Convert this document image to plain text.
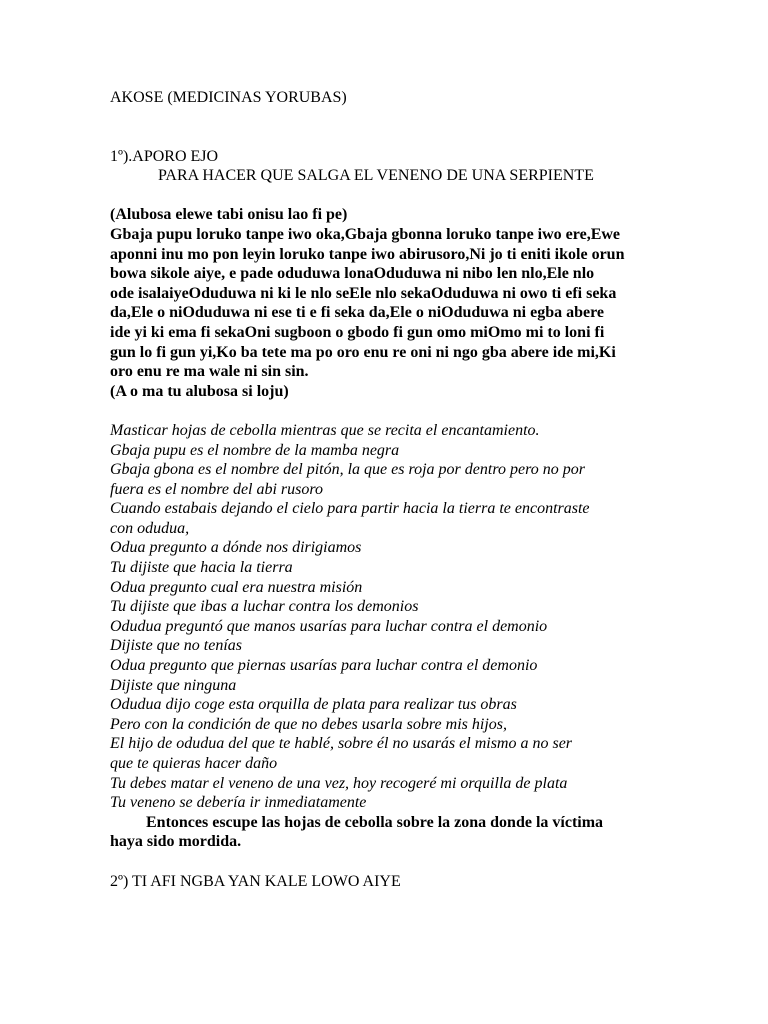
AKOSE (MEDICINAS YORUBAS)
1º).APORO EJO
PARA HACER QUE SALGA EL VENENO DE UNA SERPIENTE
(Alubosa elewe tabi onisu lao fi pe)
Gbaja pupu loruko tanpe iwo oka,Gbaja gbonna loruko tanpe iwo ere,Ewe
aponni inu mo pon leyin loruko tanpe iwo abirusoro,Ni jo ti eniti ikole orun
bowa sikole aiye, e pade oduduwa lonaOduduwa ni nibo len nlo,Ele nlo
ode isalaiyeOduduwa ni ki le nlo seEle nlo sekaOduduwa ni owo ti efi seka
da,Ele o niOduduwa ni ese ti e fi seka da,Ele o niOduduwa ni egba abere
ide yi ki ema fi sekaOni sugboon o gbodo fi gun omo miOmo mi to loni fi
gun lo fi gun yi,Ko ba tete ma po oro enu re oni ni ngo gba abere ide mi,Ki
oro enu re ma wale ni sin sin.
(A o ma tu alubosa si loju)
Masticar hojas de cebolla mientras que se recita el encantamiento.
Gbaja pupu es el nombre de la mamba negra
Gbaja gbona es el nombre del pitón, la que es roja por dentro pero no por
fuera es el nombre del abi rusoro
Cuando estabais dejando el cielo para partir hacia la tierra te encontraste
con odudua,
Odua pregunto a dónde nos dirigiamos
Tu dijiste que hacia la tierra
Odua pregunto cual era nuestra misión
Tu dijiste que ibas a luchar contra los demonios
Odudua preguntó que manos usarías para luchar contra el demonio
Dijiste que no tenías
Odua pregunto que piernas usarías para luchar contra el demonio
Dijiste que ninguna
Odudua dijo coge esta orquilla de plata para realizar tus obras
Pero con la condición de que no debes usarla sobre mis hijos,
El hijo de odudua del que te hablé, sobre él no usarás el mismo a no ser
que te quieras hacer daño
Tu debes matar el veneno de una vez, hoy recogeré mi orquilla de plata
Tu veneno se debería ir inmediatamente
Entonces escupe las hojas de cebolla sobre la zona donde la víctima
haya sido mordida.
2º) TI AFI NGBA YAN KALE LOWO AIYE
